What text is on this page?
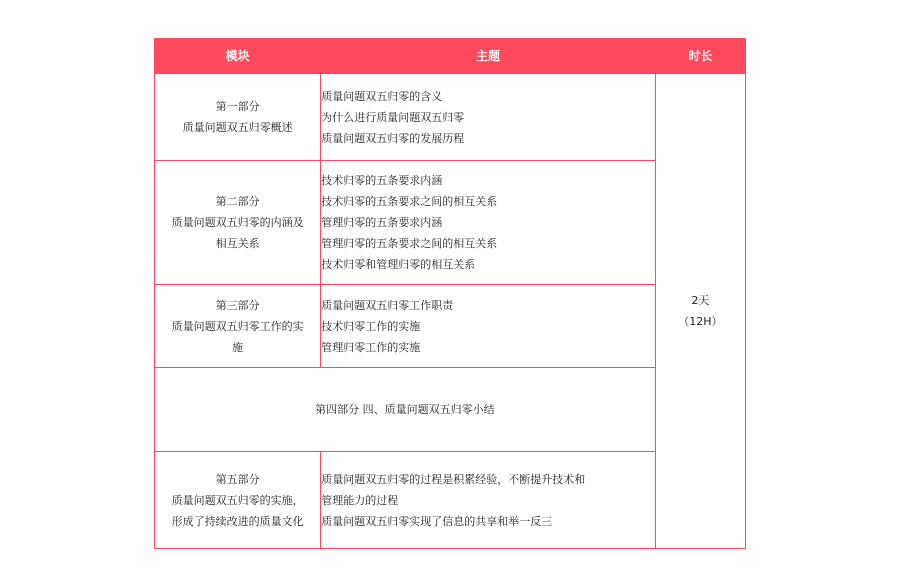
模块	主题	时长

第一部分
质量问题双五归零概述	质量问题双五归零的含义
为什么进行质量问题双五归零
质量问题双五归零的发展历程	2天
（12H）

第二部分
质量问题双五归零的内涵及
相互关系	技术归零的五条要求内涵
技术归零的五条要求之间的相互关系
管理归零的五条要求内涵
管理归零的五条要求之间的相互关系
技术归零和管理归零的相互关系	

第三部分
质量问题双五归零工作的实
施	质量问题双五归零工作职责
技术归零工作的实施
管理归零工作的实施	

第四部分 四、质量问题双五归零小结		

第五部分
质量问题双五归零的实施，
形成了持续改进的质量文化	质量问题双五归零的过程是积累经验，不断提升技术和
管理能力的过程
质量问题双五归零实现了信息的共享和举一反三	
